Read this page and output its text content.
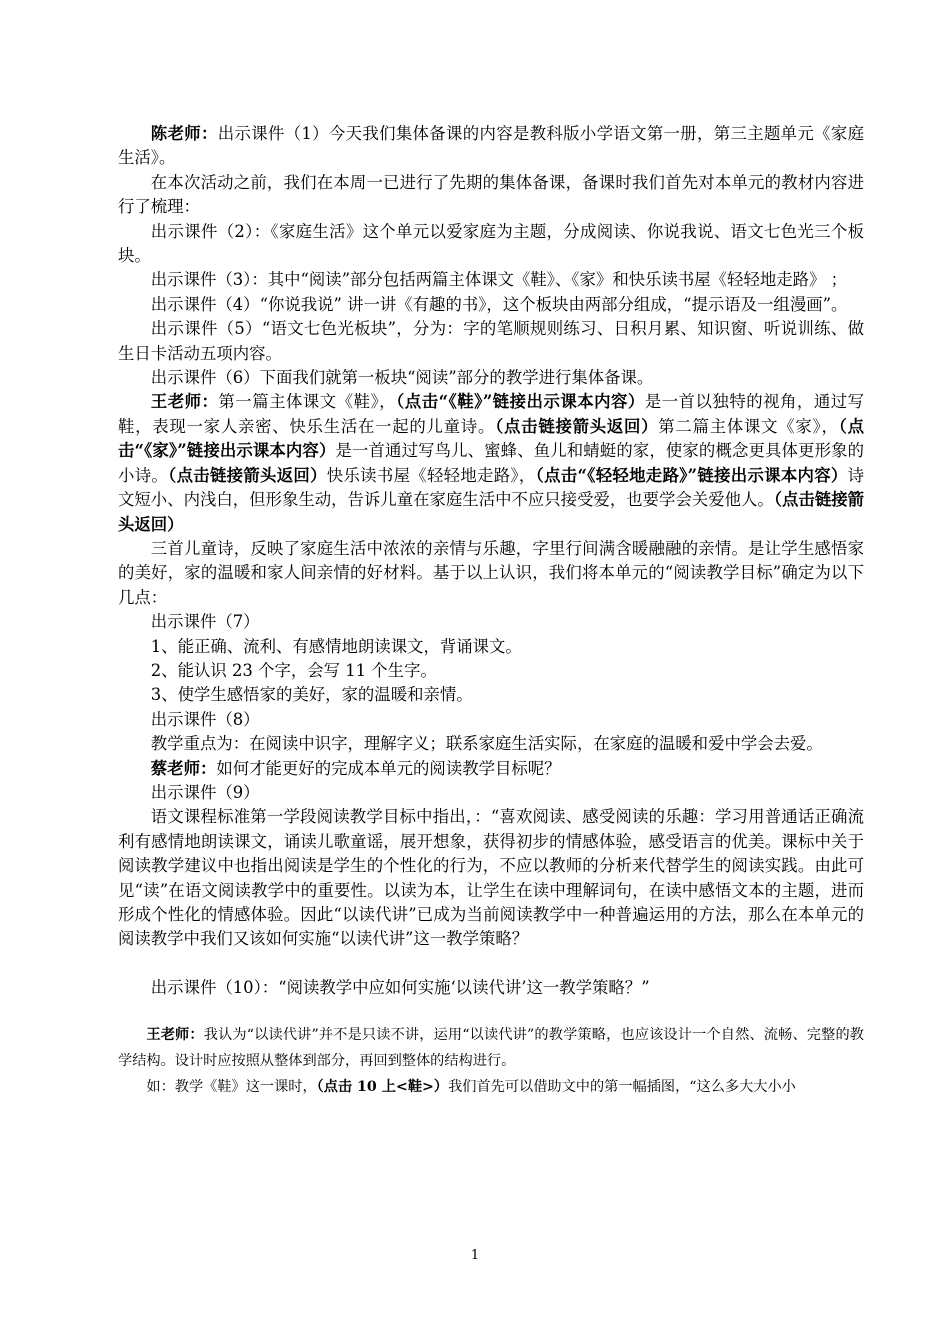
陈老师：出示课件（1）今天我们集体备课的内容是教科版小学语文第一册，第三主题单元《家庭生活》。

在本次活动之前，我们在本周一已进行了先期的集体备课，备课时我们首先对本单元的教材内容进行了梳理：

出示课件（2）：《家庭生活》这个单元以爱家庭为主题，分成阅读、你说我说、语文七色光三个板块。

出示课件（3）：其中“阅读”部分包括两篇主体课文《鞋》、《家》和快乐读书屋《轻轻地走路》 ；

出示课件（4）“你说我说” 讲一讲《有趣的书》，这个板块由两部分组成，“提示语及一组漫画”。

出示课件（5）“语文七色光板块”，分为：字的笔顺规则练习、日积月累、知识窗、听说训练、做生日卡活动五项内容。

出示课件（6）下面我们就第一板块“阅读”部分的教学进行集体备课。

王老师：第一篇主体课文《鞋》，（点击“《鞋》”链接出示课本内容）是一首以独特的视角，通过写鞋，表现一家人亲密、快乐生活在一起的儿童诗。（点击链接箭头返回）第二篇主体课文《家》，（点击“《家》”链接出示课本内容）是一首通过写鸟儿、蜜蜂、鱼儿和蜻蜓的家，使家的概念更具体更形象的小诗。（点击链接箭头返回）快乐读书屋《轻轻地走路》，（点击“《轻轻地走路》”链接出示课本内容）诗文短小、内浅白，但形象生动，告诉儿童在家庭生活中不应只接受爱，也要学会关爱他人。（点击链接箭头返回）

三首儿童诗，反映了家庭生活中浓浓的亲情与乐趣，字里行间满含暖融融的亲情。是让学生感悟家的美好，家的温暖和家人间亲情的好材料。基于以上认识，我们将本单元的“阅读教学目标”确定为以下几点：

出示课件（7）

1、能正确、流利、有感情地朗读课文，背诵课文。

2、能认识 23 个字，会写 11 个生字。

3、使学生感悟家的美好，家的温暖和亲情。

出示课件（8）

教学重点为：在阅读中识字，理解字义；联系家庭生活实际，在家庭的温暖和爱中学会去爱。

蔡老师：如何才能更好的完成本单元的阅读教学目标呢？

出示课件（9）

语文课程标准第一学段阅读教学目标中指出，：“喜欢阅读、感受阅读的乐趣：学习用普通话正确流利有感情地朗读课文，诵读儿歌童谣，展开想象，获得初步的情感体验，感受语言的优美。课标中关于阅读教学建议中也指出阅读是学生的个性化的行为，不应以教师的分析来代替学生的阅读实践。由此可见“读”在语文阅读教学中的重要性。以读为本，让学生在读中理解词句，在读中感悟文本的主题，进而形成个性化的情感体验。因此“以读代讲”已成为当前阅读教学中一种普遍运用的方法，那么在本单元的阅读教学中我们又该如何实施“以读代讲”这一教学策略？

出示课件（10）：“阅读教学中应如何实施‘以读代讲’这一教学策略？”

王老师：我认为“以读代讲”并不是只读不讲，运用“以读代讲”的教学策略，也应该设计一个自然、流畅、完整的教学结构。设计时应按照从整体到部分，再回到整体的结构进行。

如：教学《鞋》这一课时，（点击 10 上<鞋>）我们首先可以借助文中的第一幅插图，“这么多大大小小

1
